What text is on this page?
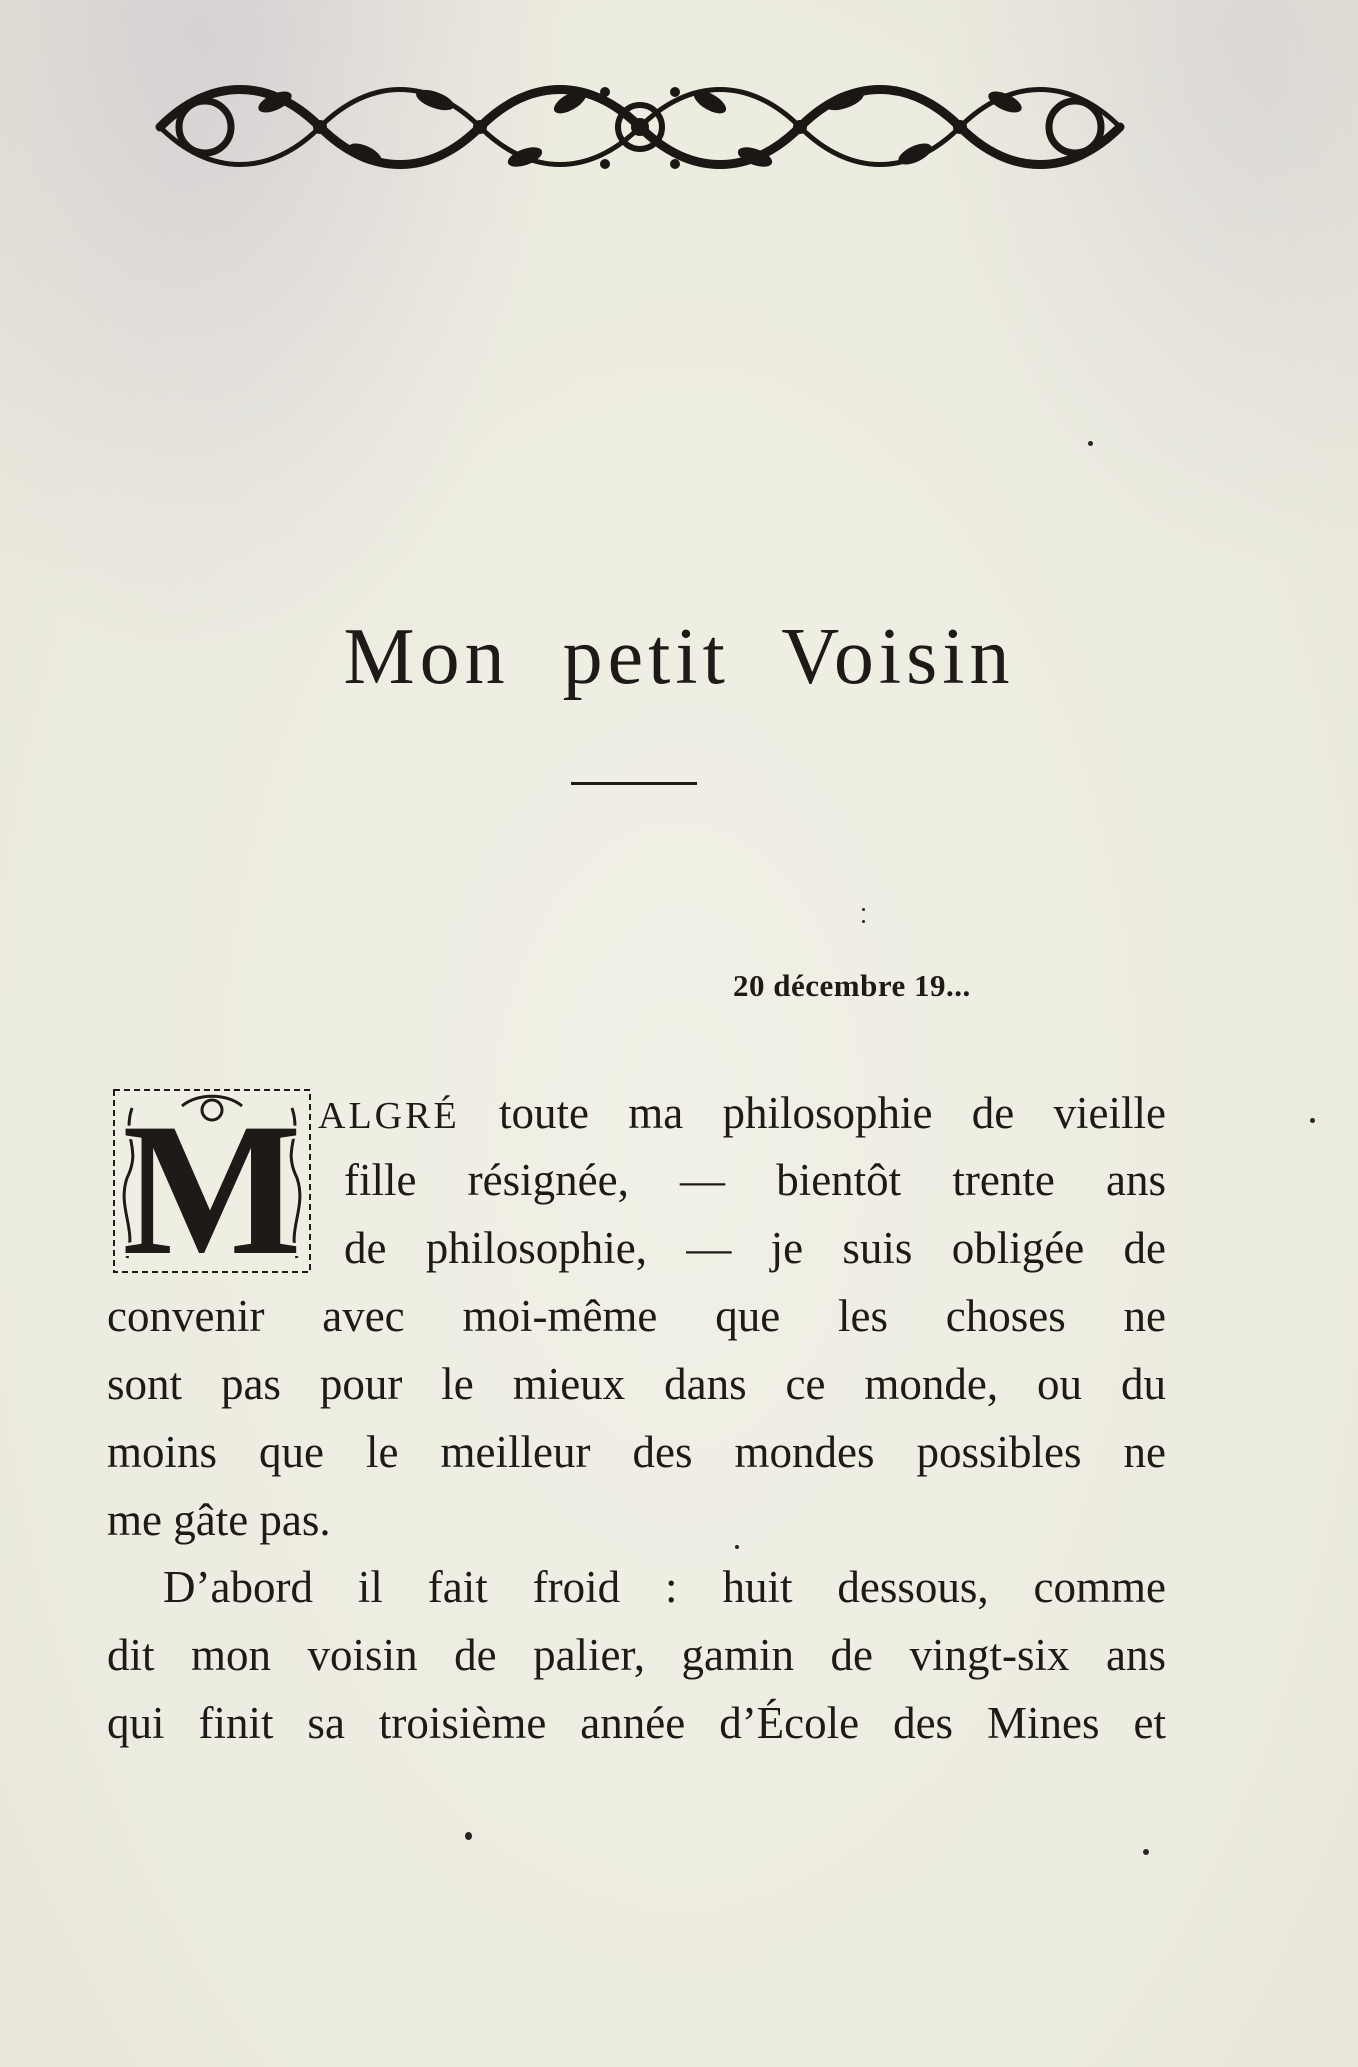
Mon petit Voisin
20 décembre 19...
M ALGRÉ toute ma philosophie de vieille
fille résignée, — bientôt trente ans
de philosophie, — je suis obligée de
convenir avec moi-même que les choses ne
sont pas pour le mieux dans ce monde, ou du
moins que le meilleur des mondes possibles ne
me gâte pas.
D’abord il fait froid : huit dessous, comme
dit mon voisin de palier, gamin de vingt-six ans
qui finit sa troisième année d’École des Mines et
